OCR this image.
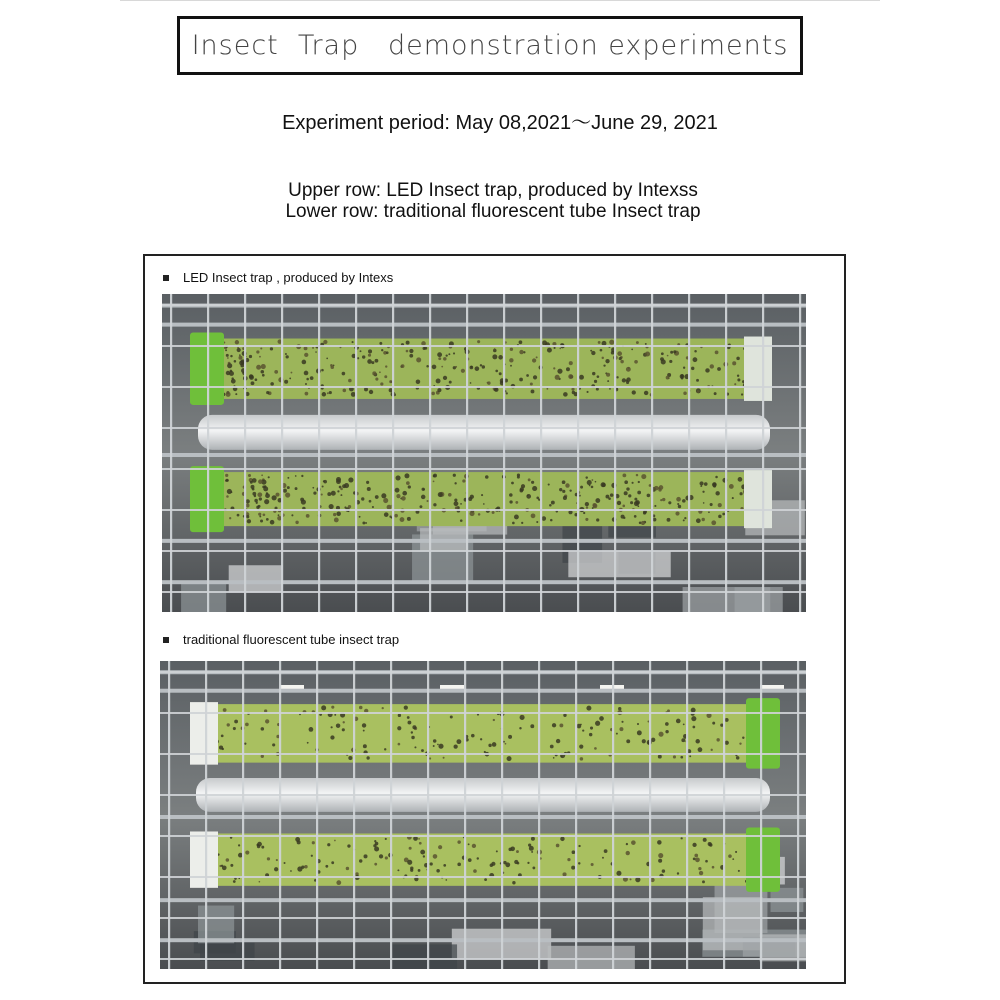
Insect  Trap   demonstration experiments
Experiment period: May 08,2021〜June 29, 2021
Upper row: LED Insect trap, produced by Intexss
Lower row: traditional fluorescent tube Insect trap
LED Insect trap , produced by Intexs
traditional fluorescent tube insect trap
